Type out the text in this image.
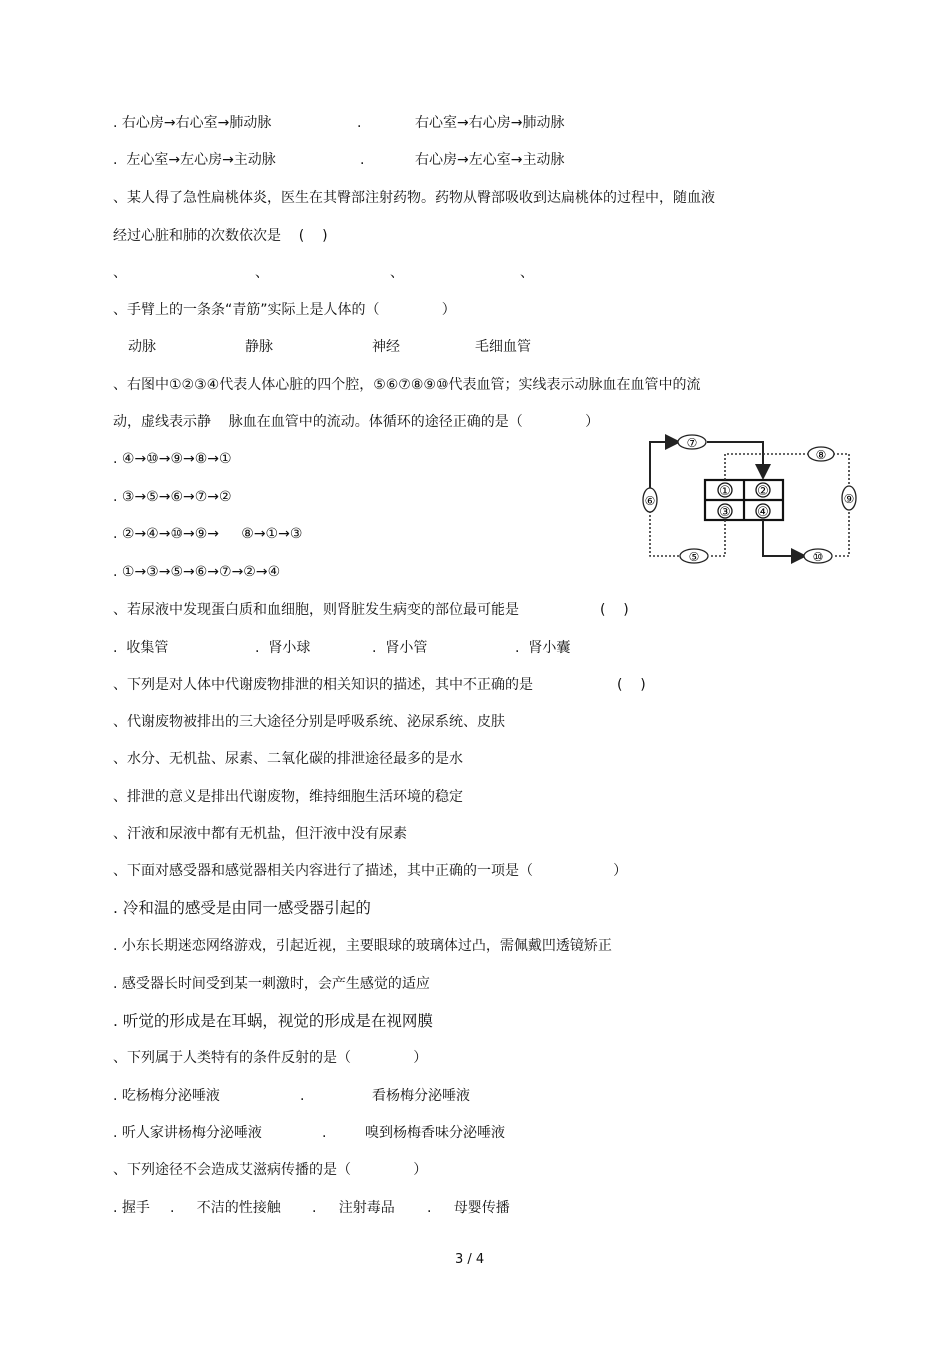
. 右心房→右心室→肺动脉	.	右心室→右心房→肺动脉
.  左心室→左心房→主动脉	.	右心房→左心室→主动脉
、某人得了急性扁桃体炎，医生在其臀部注射药物。药物从臀部吸收到达扁桃体的过程中，随血液
经过心脏和肺的次数依次是    (    )
、	、	、	、
、手臂上的一条条“青筋”实际上是人体的（              ）
动脉	静脉	神经	毛细血管
、右图中①②③④代表人体心脏的四个腔，⑤⑥⑦⑧⑨⑩代表血管；实线表示动脉血在血管中的流
动，虚线表示静    脉血在血管中的流动。体循环的途径正确的是（              ）
. ④→⑩→⑨→⑧→①
. ③→⑤→⑥→⑦→②
. ②→④→⑩→⑨→     ⑧→①→③
. ①→③→⑤→⑥→⑦→②→④
、若尿液中发现蛋白质和血细胞，则肾脏发生病变的部位最可能是	(    )
.  收集管	.  肾小球	.  肾小管	.  肾小囊
、下列是对人体中代谢废物排泄的相关知识的描述，其中不正确的是	(    )
、代谢废物被排出的三大途径分别是呼吸系统、泌尿系统、皮肤
、水分、无机盐、尿素、二氧化碳的排泄途径最多的是水
、排泄的意义是排出代谢废物，维持细胞生活环境的稳定
、汗液和尿液中都有无机盐，但汗液中没有尿素
、下面对感受器和感觉器相关内容进行了描述，其中正确的一项是（                  ）
. 冷和温的感受是由同一感受器引起的
. 小东长期迷恋网络游戏，引起近视，主要眼球的玻璃体过凸，需佩戴凹透镜矫正
. 感受器长时间受到某一刺激时，会产生感觉的适应
. 听觉的形成是在耳蜗，视觉的形成是在视网膜
、下列属于人类特有的条件反射的是（              ）
. 吃杨梅分泌唾液	.	看杨梅分泌唾液
. 听人家讲杨梅分泌唾液	.	嗅到杨梅香味分泌唾液
、下列途径不会造成艾滋病传播的是（              ）
. 握手 .     不洁的性接触 .     注射毒品 .     母婴传播
① ②
③ ④
⑦
⑧
⑥	⑨
⑤	⑩
3 / 4
